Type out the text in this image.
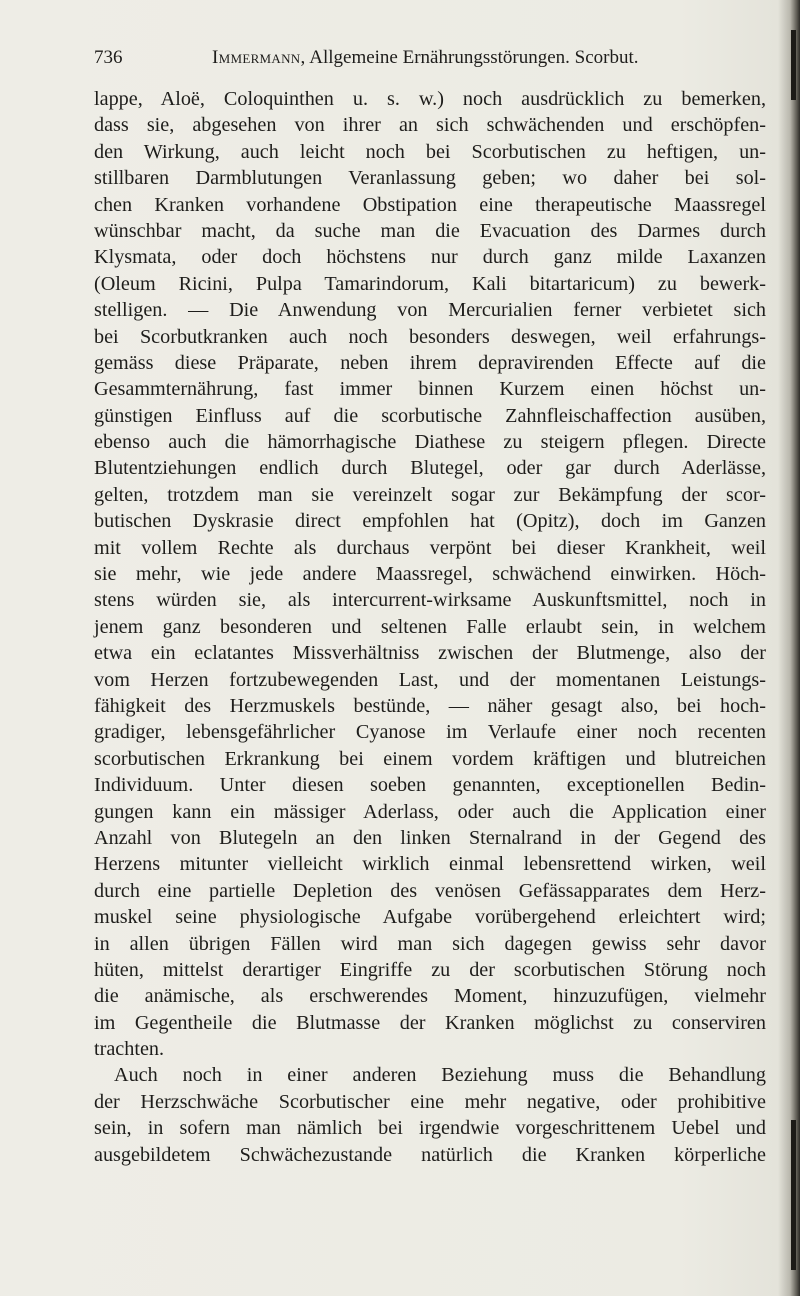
736	Immermann, Allgemeine Ernährungsstörungen. Scorbut.
lappe, Aloë, Coloquinthen u. s. w.) noch ausdrücklich zu bemerken,
dass sie, abgesehen von ihrer an sich schwächenden und erschöpfen-
den Wirkung, auch leicht noch bei Scorbutischen zu heftigen, un-
stillbaren Darmblutungen Veranlassung geben; wo daher bei sol-
chen Kranken vorhandene Obstipation eine therapeutische Maassregel
wünschbar macht, da suche man die Evacuation des Darmes durch
Klysmata, oder doch höchstens nur durch ganz milde Laxanzen
(Oleum Ricini, Pulpa Tamarindorum, Kali bitartaricum) zu bewerk-
stelligen. — Die Anwendung von Mercurialien ferner verbietet sich
bei Scorbutkranken auch noch besonders deswegen, weil erfahrungs-
gemäss diese Präparate, neben ihrem depravirenden Effecte auf die
Gesammternährung, fast immer binnen Kurzem einen höchst un-
günstigen Einfluss auf die scorbutische Zahnfleischaffection ausüben,
ebenso auch die hämorrhagische Diathese zu steigern pflegen. Directe
Blutentziehungen endlich durch Blutegel, oder gar durch Aderlässe,
gelten, trotzdem man sie vereinzelt sogar zur Bekämpfung der scor-
butischen Dyskrasie direct empfohlen hat (Opitz), doch im Ganzen
mit vollem Rechte als durchaus verpönt bei dieser Krankheit, weil
sie mehr, wie jede andere Maassregel, schwächend einwirken. Höch-
stens würden sie, als intercurrent-wirksame Auskunftsmittel, noch in
jenem ganz besonderen und seltenen Falle erlaubt sein, in welchem
etwa ein eclatantes Missverhältniss zwischen der Blutmenge, also der
vom Herzen fortzubewegenden Last, und der momentanen Leistungs-
fähigkeit des Herzmuskels bestünde, — näher gesagt also, bei hoch-
gradiger, lebensgefährlicher Cyanose im Verlaufe einer noch recenten
scorbutischen Erkrankung bei einem vordem kräftigen und blutreichen
Individuum. Unter diesen soeben genannten, exceptionellen Bedin-
gungen kann ein mässiger Aderlass, oder auch die Application einer
Anzahl von Blutegeln an den linken Sternalrand in der Gegend des
Herzens mitunter vielleicht wirklich einmal lebensrettend wirken, weil
durch eine partielle Depletion des venösen Gefässapparates dem Herz-
muskel seine physiologische Aufgabe vorübergehend erleichtert wird;
in allen übrigen Fällen wird man sich dagegen gewiss sehr davor
hüten, mittelst derartiger Eingriffe zu der scorbutischen Störung noch
die anämische, als erschwerendes Moment, hinzuzufügen, vielmehr
im Gegentheile die Blutmasse der Kranken möglichst zu conserviren
trachten.
Auch noch in einer anderen Beziehung muss die Behandlung
der Herzschwäche Scorbutischer eine mehr negative, oder prohibitive
sein, in sofern man nämlich bei irgendwie vorgeschrittenem Uebel und
ausgebildetem Schwächezustande natürlich die Kranken körperliche
